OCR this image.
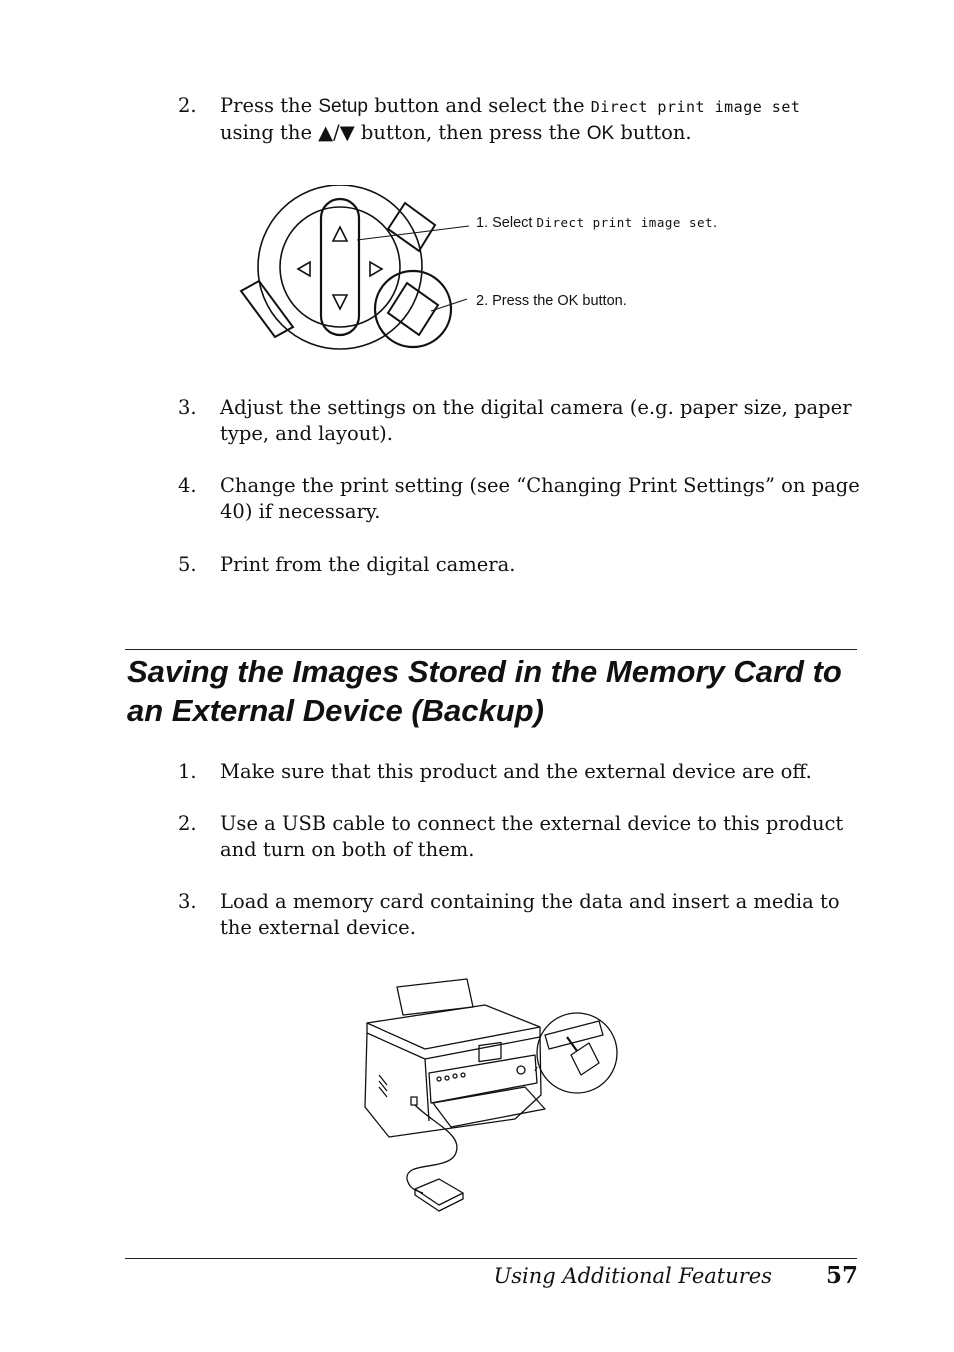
2. Press the Setup button and select the Direct print image set using the ▲/▼ button, then press the OK button.
1. Select Direct print image set.
2. Press the OK button.
3. Adjust the settings on the digital camera (e.g. paper size, paper type, and layout).
4. Change the print setting (see “Changing Print Settings” on page 40) if necessary.
5. Print from the digital camera.
Saving the Images Stored in the Memory Card to an External Device (Backup)
1. Make sure that this product and the external device are off.
2. Use a USB cable to connect the external device to this product and turn on both of them.
3. Load a memory card containing the data and insert a media to the external device.
Using Additional Features 57
